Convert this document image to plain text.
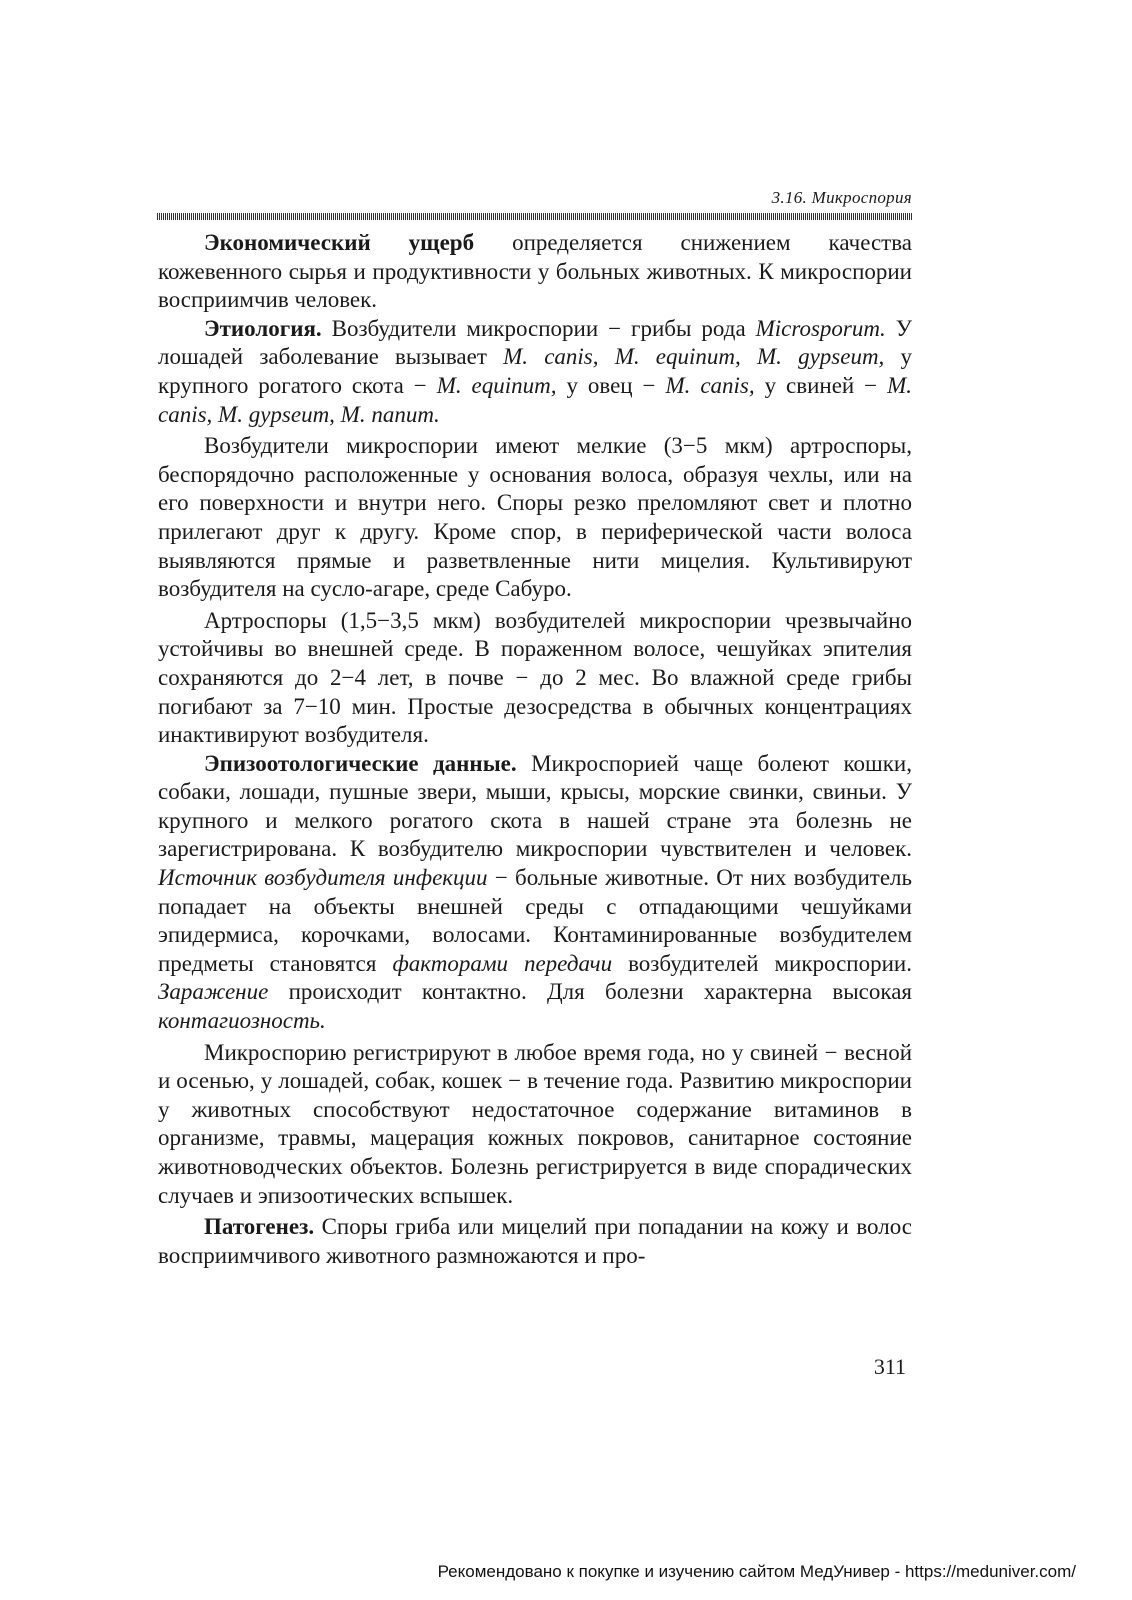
3.16. Микроспория

Экономический ущерб определяется снижением качества кожевенного сырья и продуктивности у больных животных. К микроспории восприимчив человек.

Этиология. Возбудители микроспории − грибы рода Microsporum. У лошадей заболевание вызывает M. canis, M. equinum, M. gypseum, у крупного рогатого скота − M. equinum, у овец − M. canis, у свиней − M. canis, M. gypseum, M. nanum.

Возбудители микроспории имеют мелкие (3−5 мкм) артроспоры, беспорядочно расположенные у основания волоса, образуя чехлы, или на его поверхности и внутри него. Споры резко преломляют свет и плотно прилегают друг к другу. Кроме спор, в периферической части волоса выявляются прямые и разветвленные нити мицелия. Культивируют возбудителя на сусло-агаре, среде Сабуро.

Артроспоры (1,5−3,5 мкм) возбудителей микроспории чрезвычайно устойчивы во внешней среде. В пораженном волосе, чешуйках эпителия сохраняются до 2−4 лет, в почве − до 2 мес. Во влажной среде грибы погибают за 7−10 мин. Простые дезосредства в обычных концентрациях инактивируют возбудителя.

Эпизоотологические данные. Микроспорией чаще болеют кошки, собаки, лошади, пушные звери, мыши, крысы, морские свинки, свиньи. У крупного и мелкого рогатого скота в нашей стране эта болезнь не зарегистрирована. К возбудителю микроспории чувствителен и человек. Источник возбудителя инфекции − больные животные. От них возбудитель попадает на объекты внешней среды с отпадающими чешуйками эпидермиса, корочками, волосами. Контаминированные возбудителем предметы становятся факторами передачи возбудителей микроспории. Заражение происходит контактно. Для болезни характерна высокая контагиозность.

Микроспорию регистрируют в любое время года, но у свиней − весной и осенью, у лошадей, собак, кошек − в течение года. Развитию микроспории у животных способствуют недостаточное содержание витаминов в организме, травмы, мацерация кожных покровов, санитарное состояние животноводческих объектов. Болезнь регистрируется в виде спорадических случаев и эпизоотических вспышек.

Патогенез. Споры гриба или мицелий при попадании на кожу и волос восприимчивого животного размножаются и про-

311
Рекомендовано к покупке и изучению сайтом МедУнивер - https://meduniver.com/
